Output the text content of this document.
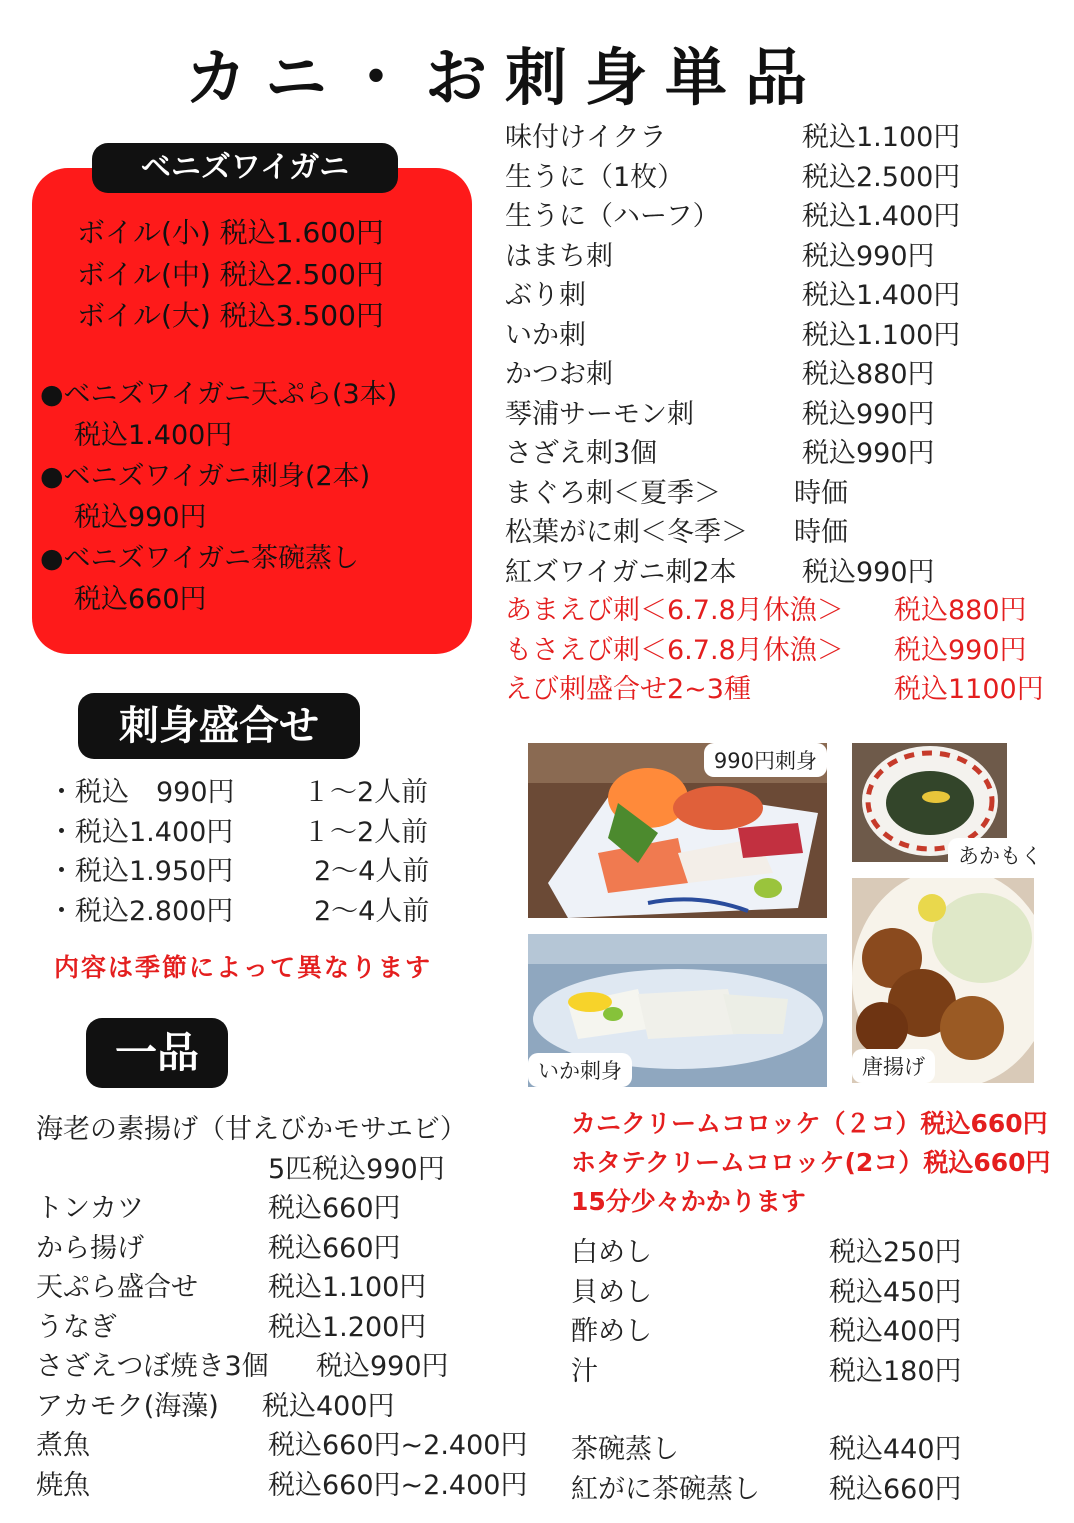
カニ・お刺身単品
ベニズワイガニ
ボイル(小) 税込1.600円
ボイル(中) 税込2.500円
ボイル(大) 税込3.500円
●ベニズワイガニ天ぷら(3本)
税込1.400円
●ベニズワイガニ刺身(2本)
税込990円
●ベニズワイガニ茶碗蒸し
税込660円
味付けイクラ	税込1.100円
生うに（1枚）	税込2.500円
生うに（ハーフ）	税込1.400円
はまち刺	税込990円
ぶり刺	税込1.400円
いか刺	税込1.100円
かつお刺	税込880円
琴浦サーモン刺	税込990円
さざえ刺3個	税込990円
まぐろ刺＜夏季＞	時価
松葉がに刺＜冬季＞ 時価
紅ズワイガニ刺2本 税込990円
あまえび刺＜6.7.8月休漁＞ 税込880円
もさえび刺＜6.7.8月休漁＞ 税込990円
えび刺盛合せ2~3種	税込1100円
刺身盛合せ
・税込　990円	１～2人前
・税込1.400円	１～2人前
・税込1.950円	2～4人前
・税込2.800円	2～4人前
内容は季節によって異なります
一品
海老の素揚げ（甘えびかモサエビ）
5匹税込990円
トンカツ	税込660円
から揚げ	税込660円
天ぷら盛合せ	税込1.100円
うなぎ	税込1.200円
さざえつぼ焼き3個 税込990円
アカモク(海藻) 税込400円
煮魚	税込660円~2.400円
焼魚	税込660円~2.400円
990円刺身
あかもく
いか刺身	唐揚げ
カニクリームコロッケ（２コ）税込660円
ホタテクリームコロッケ(2コ）税込660円
15分少々かかります
白めし	税込250円
貝めし	税込450円
酢めし	税込400円
汁	税込180円
茶碗蒸し	税込440円
紅がに茶碗蒸し	税込660円
